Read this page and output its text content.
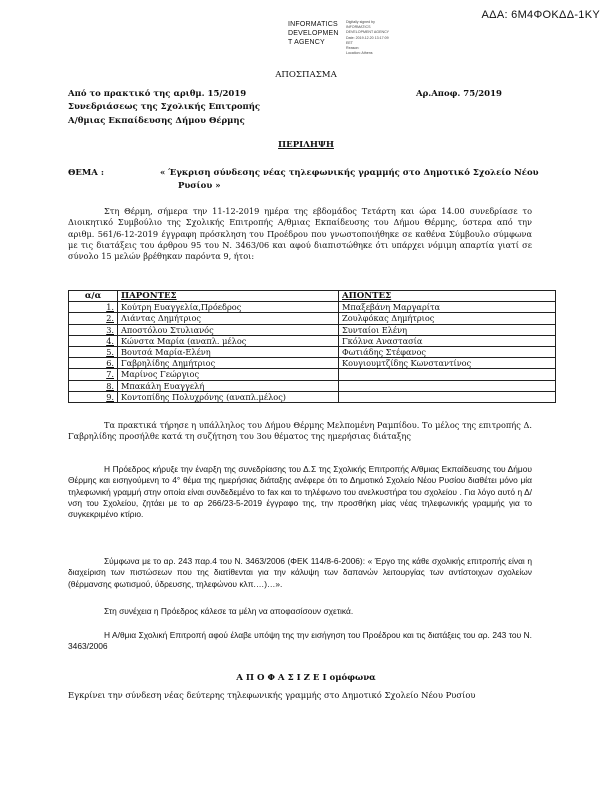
ΑΔΑ: 6Μ4ΦΟΚΔΔ-1ΚΥ
INFORMATICS
DEVELOPMEN
T AGENCY
Digitally signed by
INFORMATICS
DEVELOPMENT AGENCY
Date: 2019.12.20 13:17:09
EET
Reason:
Location: Athens
ΑΠΟΣΠΑΣΜΑ
Από το πρακτικό της αριθμ. 15/2019	Αρ.Αποφ. 75/2019
Συνεδριάσεως της Σχολικής Επιτροπής
Α/θμιας Εκπαίδευσης Δήμου Θέρμης
ΠΕΡΙΛΗΨΗ
ΘΕΜΑ :	« Έγκριση σύνδεσης νέας τηλεφωνικής γραμμής στο Δημοτικό Σχολείο Νέου
Ρυσίου »

Στη Θέρμη, σήμερα την 11-12-2019 ημέρα της εβδομάδος Τετάρτη και ώρα 14.00 συνεδρίασε το Διοικητικό Συμβούλιο της Σχολικής Επιτροπής Α/θμιας Εκπαίδευσης του Δήμου Θέρμης, ύστερα από την αριθμ. 561/6-12-2019 έγγραφη πρόσκληση του Προέδρου που γνωστοποιήθηκε σε καθένα Σύμβουλο σύμφωνα με τις διατάξεις του άρθρου 95 του Ν. 3463/06 και αφού διαπιστώθηκε ότι υπάρχει νόμιμη απαρτία γιατί σε σύνολο 15 μελών βρέθηκαν παρόντα 9, ήτοι:

α/α	ΠΑΡΟΝΤΕΣ	ΑΠΟΝΤΕΣ
1.	Κούτρη Ευαγγελία,Πρόεδρος	Μπαξεβάνη Μαργαρίτα
2.	Λιάντας Δημήτριος	Ζουλφόκας Δημήτριος
3.	Αποστόλου Στυλιανός	Συνταίοι Ελένη
4.	Κώνστα Μαρία (αναπλ. μέλος	Γκόλνα Αναστασία
5.	Βουτσά Μαρία-Ελένη	Φωτιάδης Στέφανος
6.	Γαβρηλίδης Δημήτριος	Κουγιουμτζίδης Κωνσταντίνος
7.	Μαρίνος Γεώργιος	
8.	Μπακάλη Ευαγγελή	
9.	Κοντοπίδης Πολυχρόνης (αναπλ.μέλος)	

Τα πρακτικά τήρησε η υπάλληλος του Δήμου Θέρμης Μελπομένη Ραμπίδου. Το μέλος της επιτροπής Δ. Γαβρηλίδης προσήλθε κατά τη συζήτηση του 3ου θέματος της ημερήσιας διάταξης

Η Πρόεδρος κήρυξε την έναρξη της συνεδρίασης του Δ.Σ της Σχολικής Επιτροπής Α/θμιας Εκπαίδευσης του Δήμου Θέρμης και εισηγούμενη το 4° θέμα της ημερήσιας διάταξης ανέφερε ότι το Δημοτικό Σχολείο Νέου Ρυσίου διαθέτει μόνο μία τηλεφωνική γραμμή στην οποία είναι συνδεδεμένο το fax και το τηλέφωνο του ανελκυστήρα του σχολείου . Για λόγο αυτό η Δ/νση του Σχολείου, ζητάει με το αρ 266/23-5-2019 έγγραφο της, την προσθήκη μίας νέας τηλεφωνικής γραμμής για το συγκεκριμένο κτίριο.

Σύμφωνα με το αρ. 243 παρ.4 του Ν. 3463/2006 (ΦΕΚ 114/8-6-2006): « Έργο της κάθε σχολικής επιτροπής είναι η διαχείριση των πιστώσεων που της διατίθενται για την κάλυψη των δαπανών λειτουργίας των αντίστοιχων σχολείων (θέρμανσης φωτισμού, ύδρευσης, τηλεφώνου κλπ.…)…».

Στη συνέχεια η Πρόεδρος κάλεσε τα μέλη να αποφασίσουν σχετικά.

Η Α/θμια Σχολική Επιτροπή αφού έλαβε υπόψη της την εισήγηση του Προέδρου και τις διατάξεις του αρ. 243 του Ν. 3463/2006

Α Π Ο Φ Α Σ Ι Ζ Ε Ι ομόφωνα
Εγκρίνει την σύνδεση νέας δεύτερης τηλεφωνικής γραμμής στο Δημοτικό Σχολείο Νέου Ρυσίου
